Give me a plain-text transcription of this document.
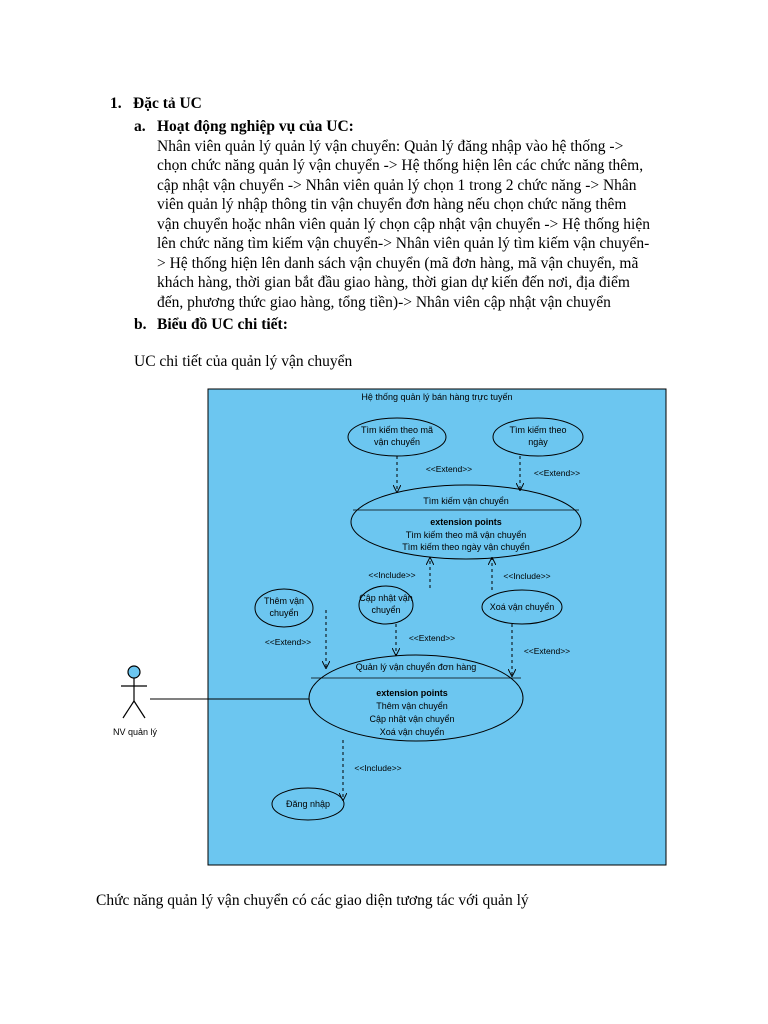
1. Đặc tả UC
a. Hoạt động nghiệp vụ của UC:
Nhân viên quản lý quản lý vận chuyển: Quản lý đăng nhập vào hệ thống ->
chọn chức năng quản lý vận chuyển -> Hệ thống hiện lên các chức năng thêm,
cập nhật vận chuyển -> Nhân viên quản lý chọn 1 trong 2 chức năng -> Nhân
viên quản lý nhập thông tin vận chuyển đơn hàng nếu chọn chức năng thêm
vận chuyển hoặc nhân viên quản lý chọn cập nhật vận chuyển -> Hệ thống hiện
lên chức năng tìm kiếm vận chuyển-> Nhân viên quản lý tìm kiếm vận chuyển-
> Hệ thống hiện lên danh sách vận chuyển (mã đơn hàng, mã vận chuyển, mã
khách hàng, thời gian bắt đầu giao hàng, thời gian dự kiến đến nơi, địa điểm
đến, phương thức giao hàng, tổng tiền)-> Nhân viên cập nhật vận chuyển
b. Biểu đồ UC chi tiết:
UC chi tiết của quản lý vận chuyển
Chức năng quản lý vận chuyển có các giao diện tương tác với quản lý
Hệ thống quản lý bán hàng trực tuyến
NV quản lý
Tìm kiếm theo mã
vận chuyển
Tìm kiếm theo
ngày
Tìm kiếm vận chuyển
extension points
Tìm kiếm theo mã vận chuyển
Tìm kiếm theo ngày vận chuyển
Thêm vận
chuyển
Cập nhật vận
chuyển	Xoá vận chuyển
Quản lý vận chuyển đơn hàng
extension points
Thêm vận chuyển
Cập nhật vận chuyển
Xoá vận chuyển
Đăng nhập
<<Extend>>	<<Extend>>
<<Include>>	<<Include>>
<<Extend>>	<<Extend>>
<<Extend>>
<<Include>>
